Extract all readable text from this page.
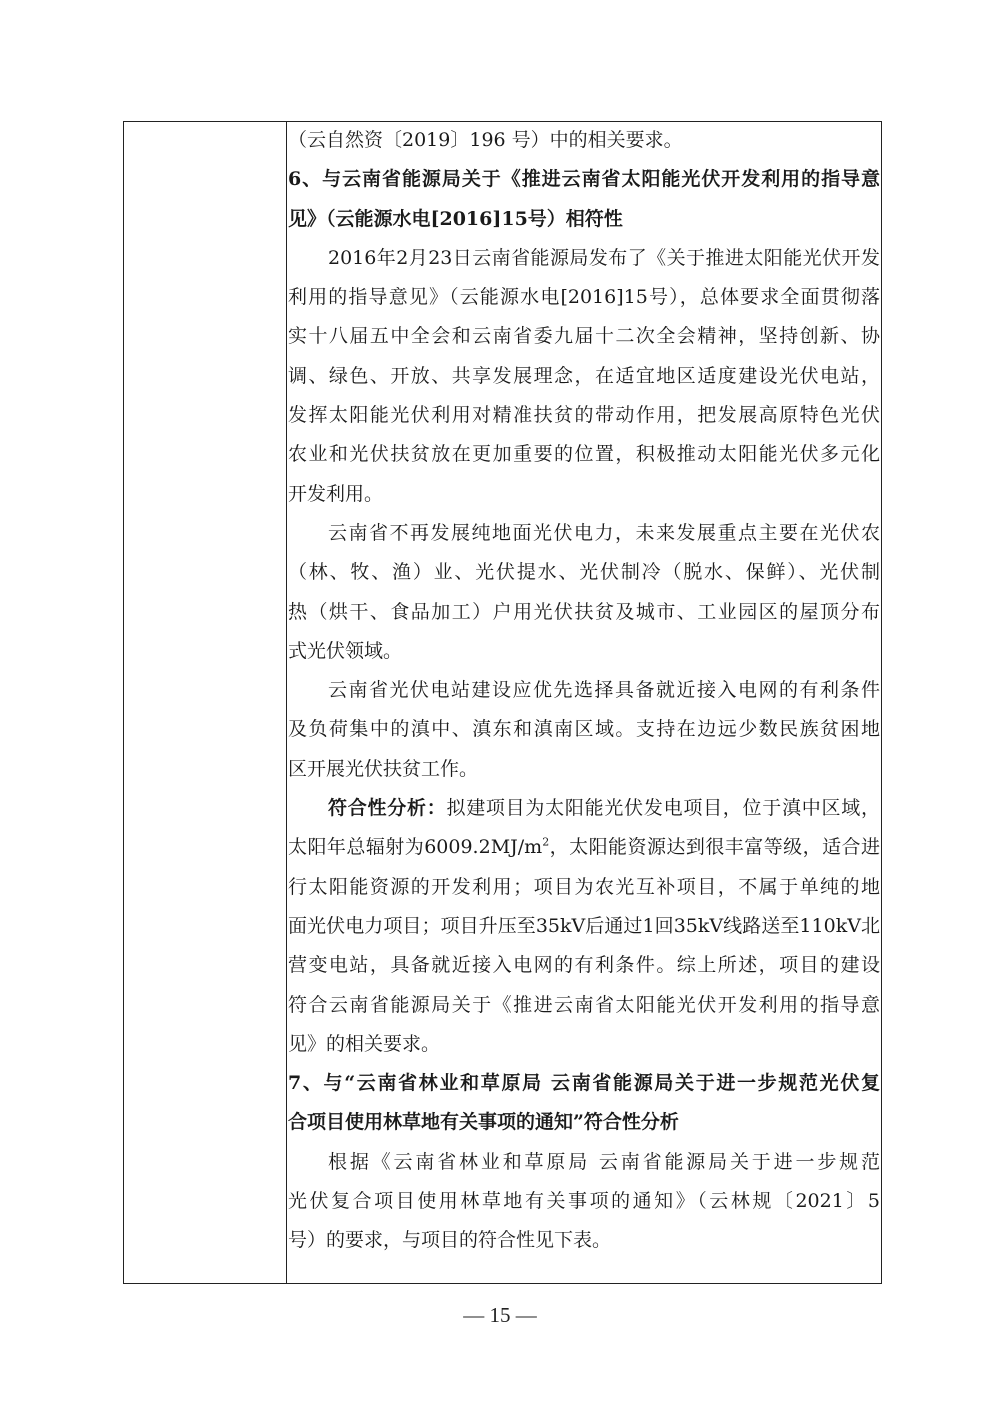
（云自然资〔2019〕196 号）中的相关要求。
6、与云南省能源局关于《推进云南省太阳能光伏开发利用的指导意
见》（云能源水电[2016]15号）相符性
2016年2月23日云南省能源局发布了《关于推进太阳能光伏开发
利用的指导意见》（云能源水电[2016]15号），总体要求全面贯彻落
实十八届五中全会和云南省委九届十二次全会精神，坚持创新、协
调、绿色、开放、共享发展理念，在适宜地区适度建设光伏电站，
发挥太阳能光伏利用对精准扶贫的带动作用，把发展高原特色光伏
农业和光伏扶贫放在更加重要的位置，积极推动太阳能光伏多元化
开发利用。
云南省不再发展纯地面光伏电力，未来发展重点主要在光伏农
（林、牧、渔）业、光伏提水、光伏制冷（脱水、保鲜）、光伏制
热（烘干、食品加工）户用光伏扶贫及城市、工业园区的屋顶分布
式光伏领域。
云南省光伏电站建设应优先选择具备就近接入电网的有利条件
及负荷集中的滇中、滇东和滇南区域。支持在边远少数民族贫困地
区开展光伏扶贫工作。
符合性分析：拟建项目为太阳能光伏发电项目，位于滇中区域，
太阳年总辐射为$6009.2MJ/m^2$，太阳能资源达到很丰富等级，适合进
行太阳能资源的开发利用；项目为农光互补项目，不属于单纯的地
面光伏电力项目；项目升压至35kV后通过1回35kV线路送至110kV北
营变电站，具备就近接入电网的有利条件。综上所述，项目的建设
符合云南省能源局关于《推进云南省太阳能光伏开发利用的指导意
见》的相关要求。
7、与“云南省林业和草原局 云南省能源局关于进一步规范光伏复
合项目使用林草地有关事项的通知”符合性分析
根据《云南省林业和草原局 云南省能源局关于进一步规范
光伏复合项目使用林草地有关事项的通知》（云林规〔2021〕5
号）的要求，与项目的符合性见下表。
— 15 —
